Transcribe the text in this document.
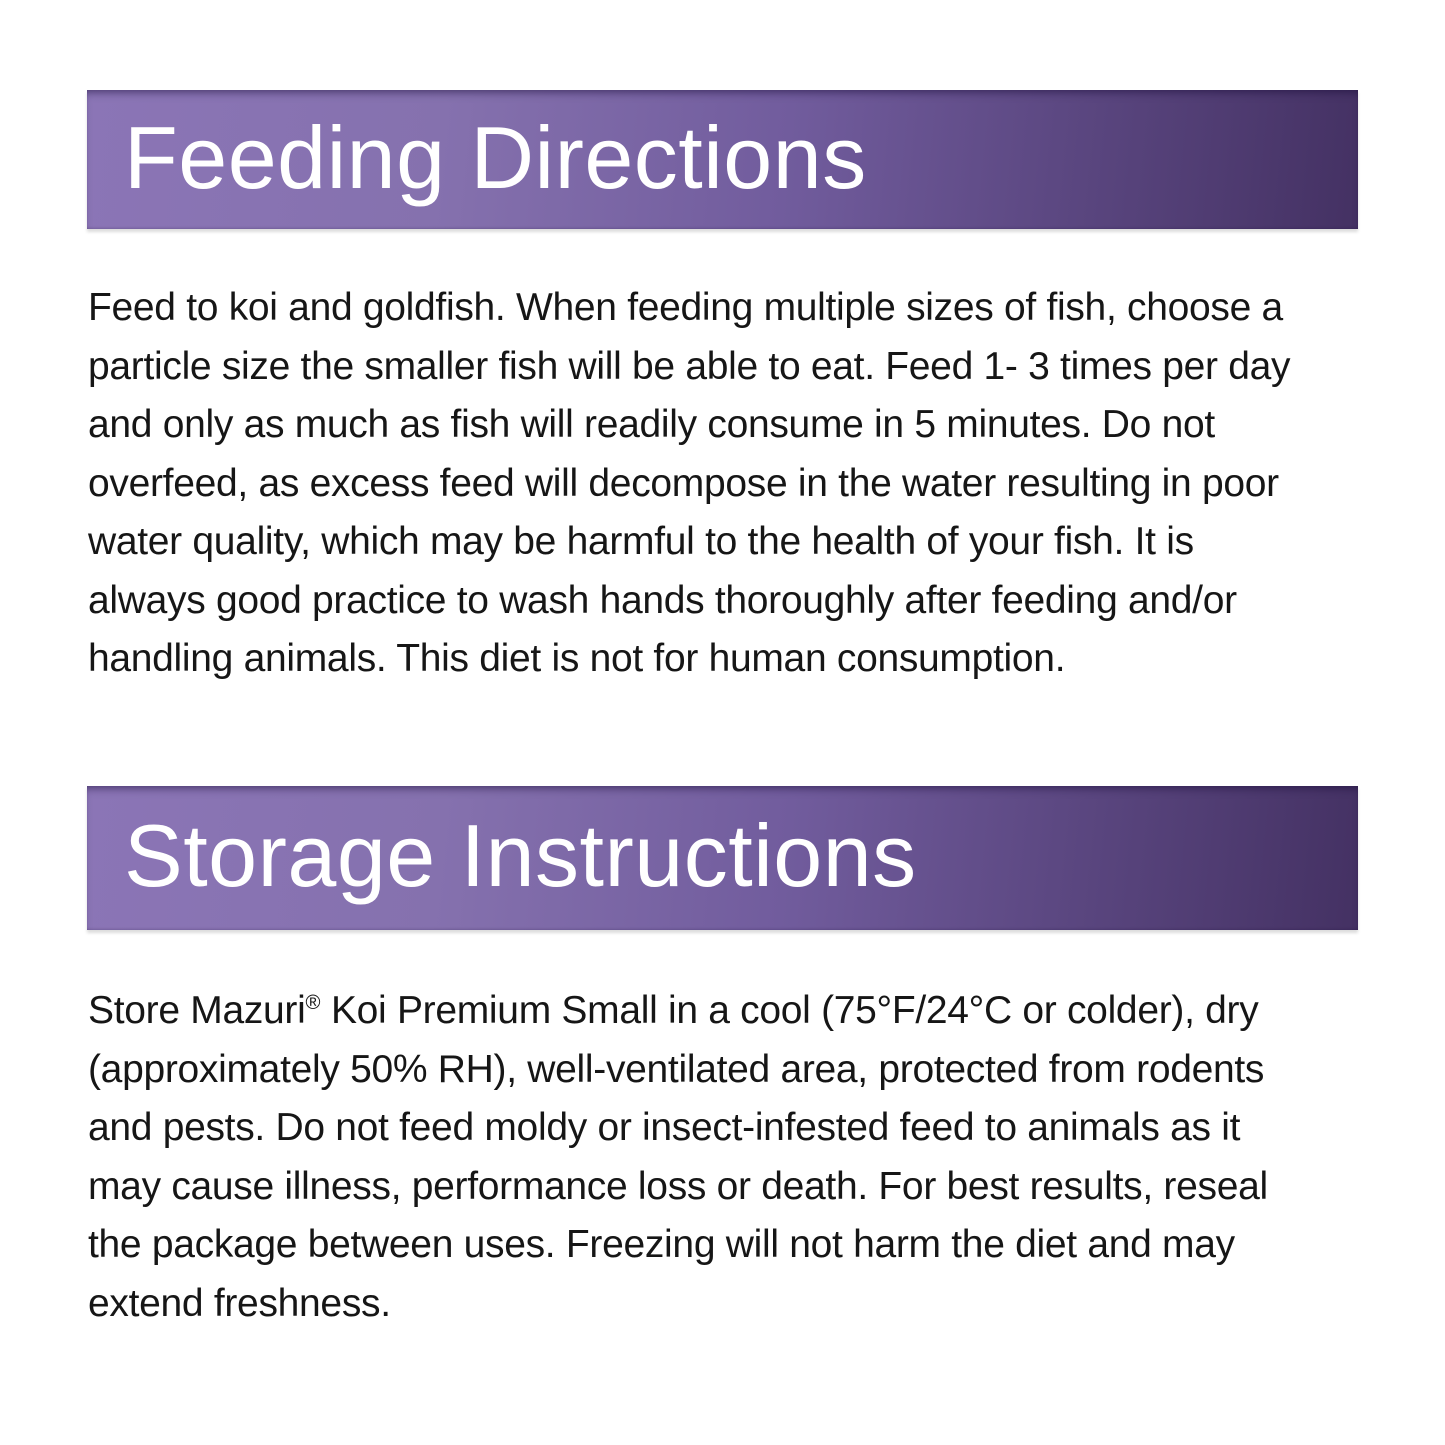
Feeding Directions

Feed to koi and goldfish. When feeding multiple sizes of fish, choose a
particle size the smaller fish will be able to eat. Feed 1- 3 times per day
and only as much as fish will readily consume in 5 minutes. Do not
overfeed, as excess feed will decompose in the water resulting in poor
water quality, which may be harmful to the health of your fish. It is
always good practice to wash hands thoroughly after feeding and/or
handling animals. This diet is not for human consumption.

Storage Instructions

Store Mazuri® Koi Premium Small in a cool (75°F/24°C or colder), dry
(approximately 50% RH), well-ventilated area, protected from rodents
and pests. Do not feed moldy or insect-infested feed to animals as it
may cause illness, performance loss or death. For best results, reseal
the package between uses. Freezing will not harm the diet and may
extend freshness.
